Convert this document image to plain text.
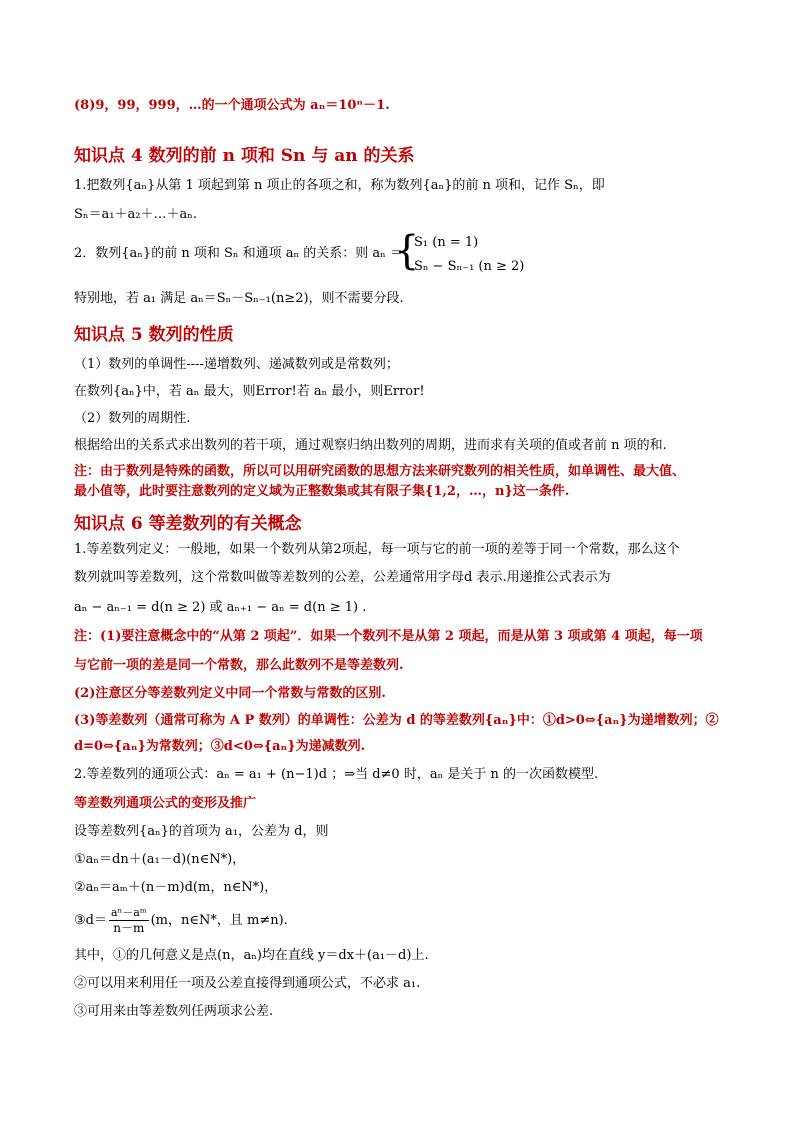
(8)9，99，999，…的一个通项公式为 aₙ＝10ⁿ－1.
知识点 4 数列的前 n 项和 Sn 与 an 的关系
1.把数列{aₙ}从第 1 项起到第 n 项止的各项之和，称为数列{aₙ}的前 n 项和，记作 Sₙ，即
Sₙ＝a₁＋a₂＋…＋aₙ.
2．数列{aₙ}的前 n 项和 Sₙ 和通项 aₙ 的关系：则 aₙ ＝
{
S₁ (n = 1)
Sₙ − Sₙ₋₁ (n ≥ 2)
特别地，若 a₁ 满足 aₙ＝Sₙ－Sₙ₋₁(n≥2)，则不需要分段.
知识点 5 数列的性质
（1）数列的单调性----递增数列、递减数列或是常数列；
在数列{aₙ}中，若 aₙ 最大，则Error!若 aₙ 最小，则Error!
（2）数列的周期性.
根据给出的关系式求出数列的若干项，通过观察归纳出数列的周期，进而求有关项的值或者前 n 项的和.
注：由于数列是特殊的函数，所以可以用研究函数的思想方法来研究数列的相关性质，如单调性、最大值、
最小值等，此时要注意数列的定义域为正整数集或其有限子集{1,2，…，n}这一条件.
知识点 6 等差数列的有关概念
1.等差数列定义：一般地，如果一个数列从第2项起，每一项与它的前一项的差等于同一个常数，那么这个
数列就叫等差数列，这个常数叫做等差数列的公差，公差通常用字母d 表示.用递推公式表示为
aₙ − aₙ₋₁ = d(n ≥ 2) 或 aₙ₊₁ − aₙ = d(n ≥ 1) .
注：(1)要注意概念中的“从第 2 项起”．如果一个数列不是从第 2 项起，而是从第 3 项或第 4 项起，每一项
与它前一项的差是同一个常数，那么此数列不是等差数列.
(2)注意区分等差数列定义中同一个常数与常数的区别.
(3)等差数列（通常可称为 A P 数列）的单调性：公差为 d 的等差数列{aₙ}中：①d>0⇔{aₙ}为递增数列；②
d=0⇔{aₙ}为常数列；③d<0⇔{aₙ}为递减数列.
2.等差数列的通项公式：aₙ = a₁ + (n−1)d ；⇒当 d≠0 时，aₙ 是关于 n 的一次函数模型.
等差数列通项公式的变形及推广
设等差数列{aₙ}的首项为 a₁，公差为 d，则
①aₙ＝dn＋(a₁－d)(n∈N*)，
②aₙ＝aₘ＋(n－m)d(m，n∈N*)，
③d＝ $\frac{\text{aⁿ－aᵐ}}{n-m} (m$，n∈N*，且 m≠n).
其中，①的几何意义是点(n，aₙ)均在直线 y＝dx＋(a₁－d)上.
②可以用来利用任一项及公差直接得到通项公式，不必求 a₁.
③可用来由等差数列任两项求公差.
